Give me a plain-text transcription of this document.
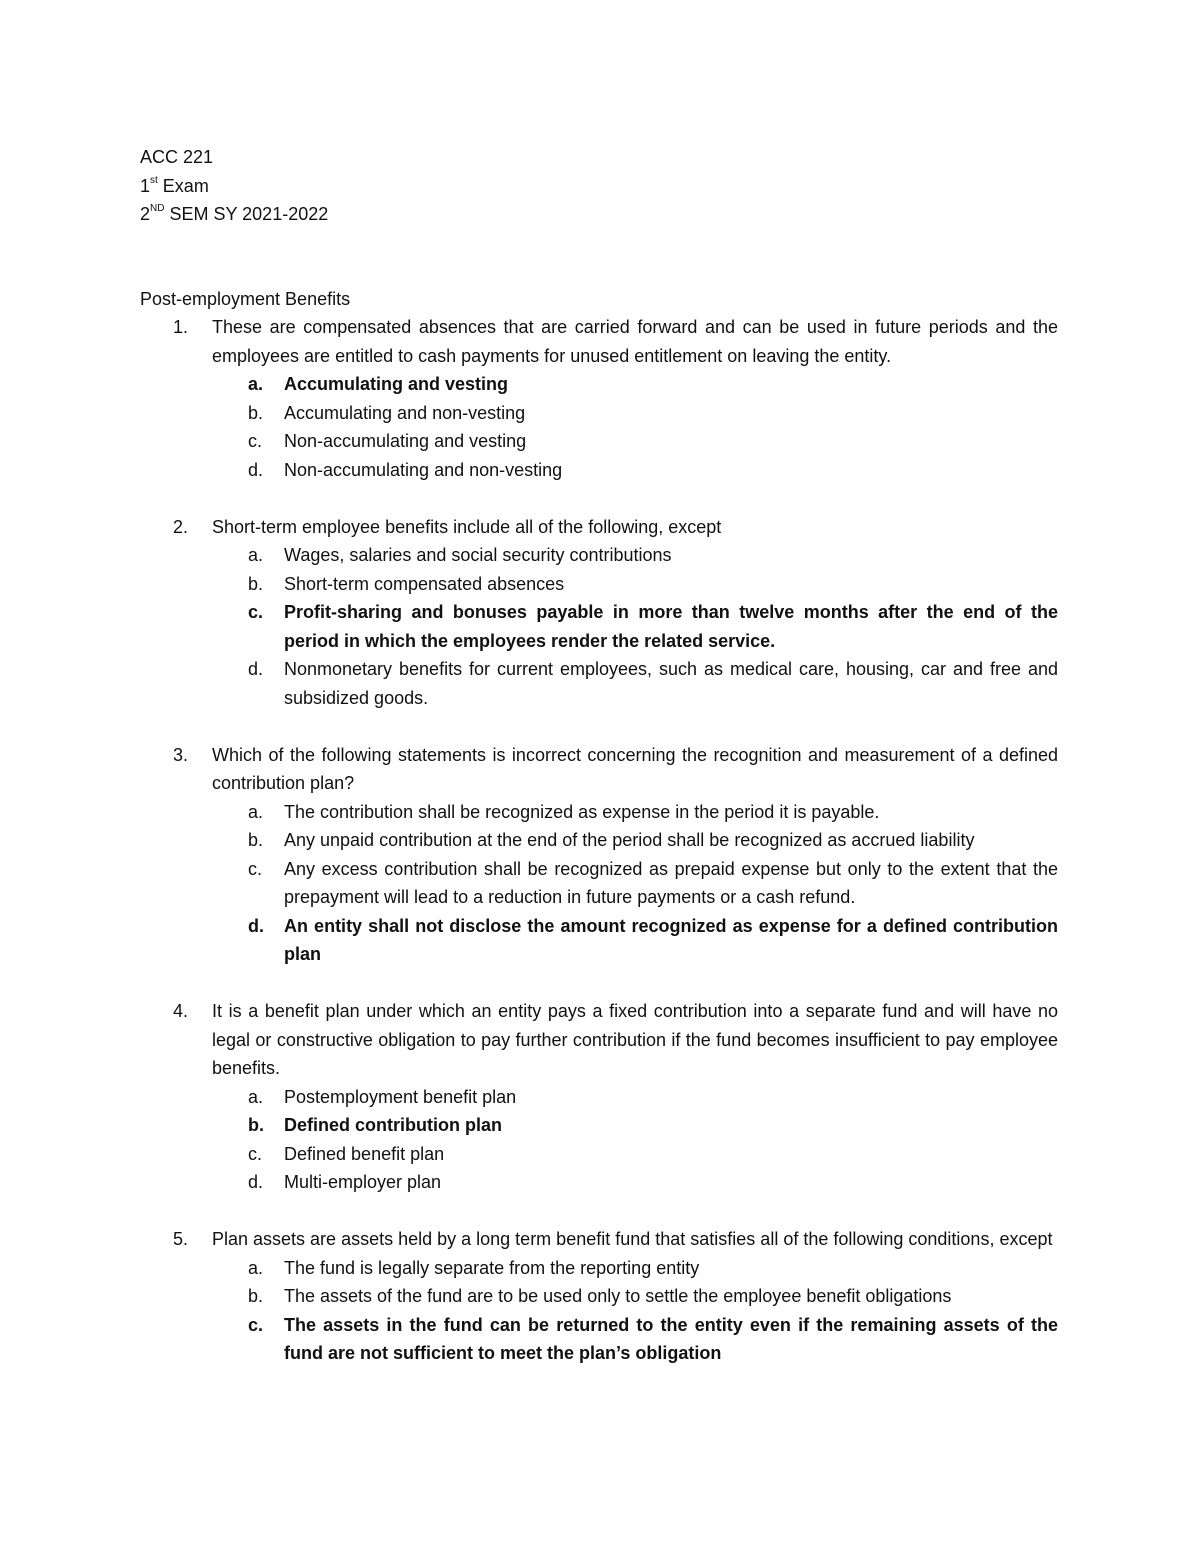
ACC 221
1st Exam
2ND SEM SY 2021-2022
Post-employment Benefits
1.	These are compensated absences that are carried forward and can be used in future periods and the employees are entitled to cash payments for unused entitlement on leaving the entity.
a. Accumulating and vesting
b. Accumulating and non-vesting
c. Non-accumulating and vesting
d. Non-accumulating and non-vesting
2.	Short-term employee benefits include all of the following, except
a. Wages, salaries and social security contributions
b. Short-term compensated absences
c. Profit-sharing and bonuses payable in more than twelve months after the end of the period in which the employees render the related service.
d. Nonmonetary benefits for current employees, such as medical care, housing, car and free and subsidized goods.
3.	Which of the following statements is incorrect concerning the recognition and measurement of a defined contribution plan?
a. The contribution shall be recognized as expense in the period it is payable.
b. Any unpaid contribution at the end of the period shall be recognized as accrued liability
c. Any excess contribution shall be recognized as prepaid expense but only to the extent that the prepayment will lead to a reduction in future payments or a cash refund.
d. An entity shall not disclose the amount recognized as expense for a defined contribution plan
4.	It is a benefit plan under which an entity pays a fixed contribution into a separate fund and will have no legal or constructive obligation to pay further contribution if the fund becomes insufficient to pay employee benefits.
a. Postemployment benefit plan
b. Defined contribution plan
c. Defined benefit plan
d. Multi-employer plan
5.	Plan assets are assets held by a long term benefit fund that satisfies all of the following conditions, except
a. The fund is legally separate from the reporting entity
b. The assets of the fund are to be used only to settle the employee benefit obligations
c. The assets in the fund can be returned to the entity even if the remaining assets of the fund are not sufficient to meet the plan’s obligation
